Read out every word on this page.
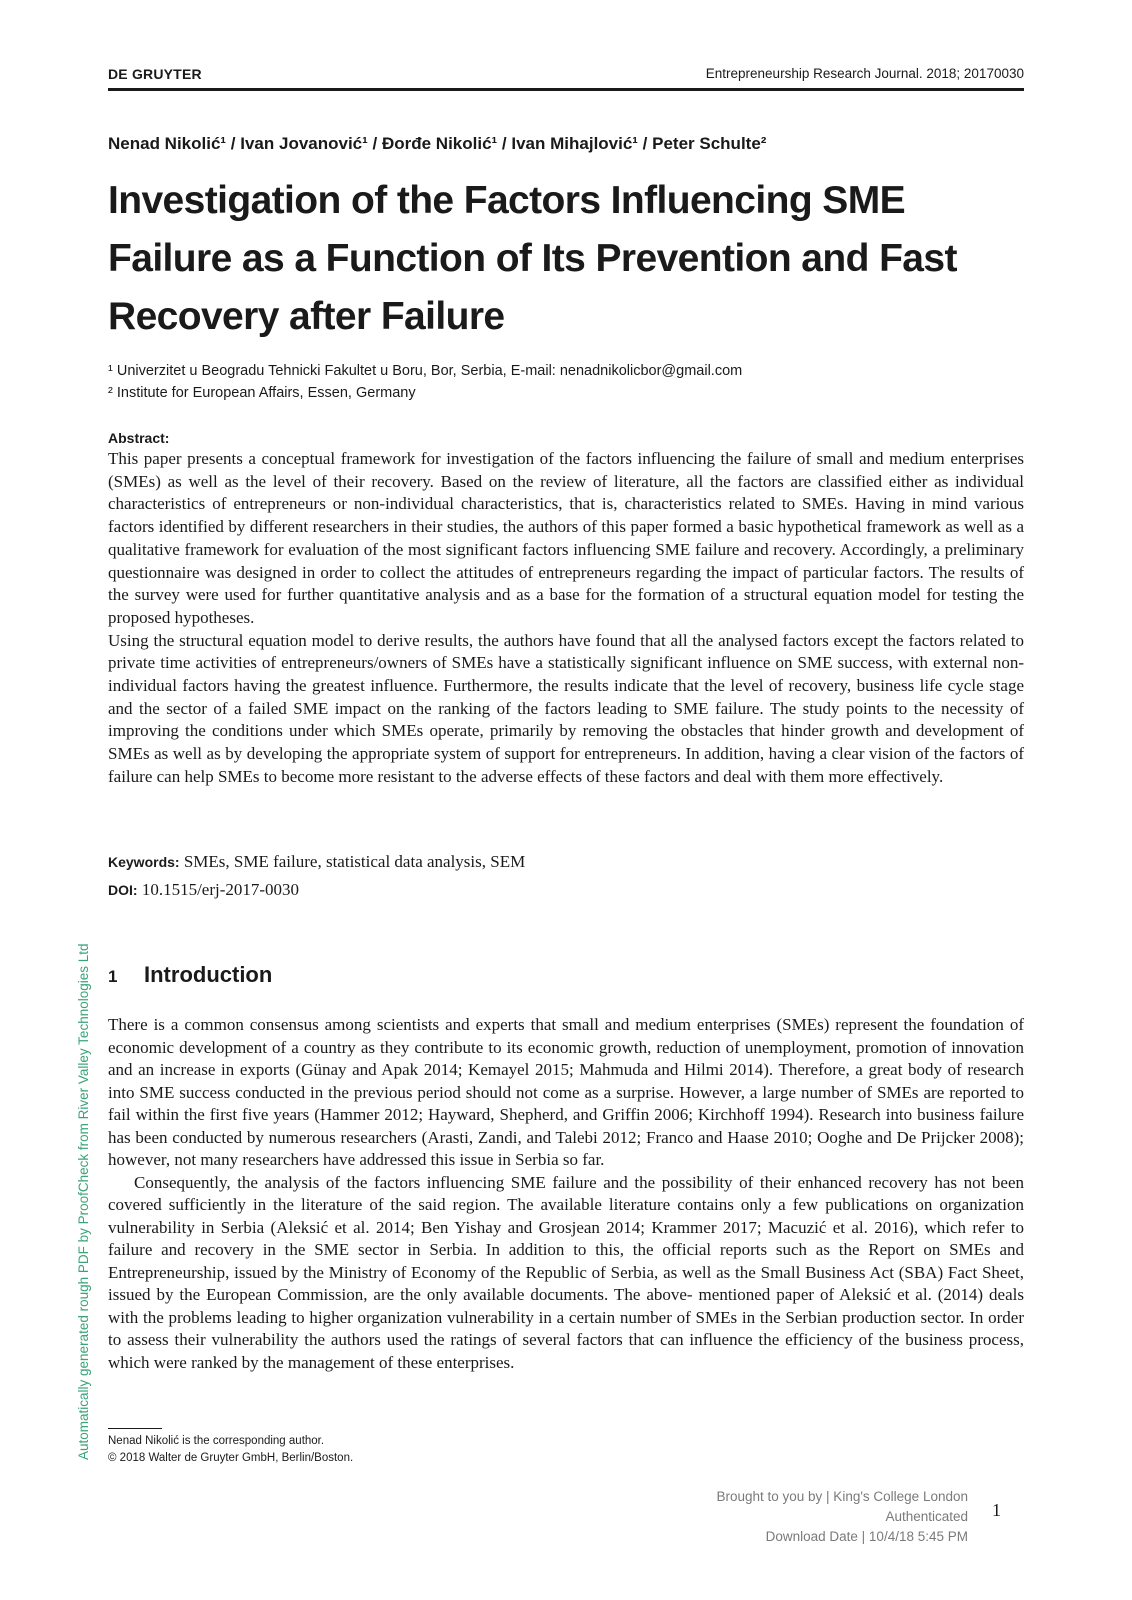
DE GRUYTER	Entrepreneurship Research Journal. 2018; 20170030
Nenad Nikolić¹ / Ivan Jovanović¹ / Đorđe Nikolić¹ / Ivan Mihajlović¹ / Peter Schulte²
Investigation of the Factors Influencing SME Failure as a Function of Its Prevention and Fast Recovery after Failure
¹ Univerzitet u Beogradu Tehnicki Fakultet u Boru, Bor, Serbia, E-mail: nenadnikolicbor@gmail.com
² Institute for European Affairs, Essen, Germany
Abstract:

This paper presents a conceptual framework for investigation of the factors influencing the failure of small and medium enterprises (SMEs) as well as the level of their recovery. Based on the review of literature, all the factors are classified either as individual characteristics of entrepreneurs or non-individual characteristics, that is, characteristics related to SMEs. Having in mind various factors identified by different researchers in their studies, the authors of this paper formed a basic hypothetical framework as well as a qualitative framework for evaluation of the most significant factors influencing SME failure and recovery. Accordingly, a preliminary questionnaire was designed in order to collect the attitudes of entrepreneurs regarding the impact of particular factors. The results of the survey were used for further quantitative analysis and as a base for the formation of a structural equation model for testing the proposed hypotheses.

Using the structural equation model to derive results, the authors have found that all the analysed factors except the factors related to private time activities of entrepreneurs/owners of SMEs have a statistically significant influence on SME success, with external non-individual factors having the greatest influence. Furthermore, the results indicate that the level of recovery, business life cycle stage and the sector of a failed SME impact on the ranking of the factors leading to SME failure. The study points to the necessity of improving the conditions under which SMEs operate, primarily by removing the obstacles that hinder growth and development of SMEs as well as by developing the appropriate system of support for entrepreneurs. In addition, having a clear vision of the factors of failure can help SMEs to become more resistant to the adverse effects of these factors and deal with them more effectively.

Keywords: SMEs, SME failure, statistical data analysis, SEM
DOI: 10.1515/erj-2017-0030
Automatically generated rough PDF by ProofCheck from River Valley Technologies Ltd 1 Introduction

There is a common consensus among scientists and experts that small and medium enterprises (SMEs) represent the foundation of economic development of a country as they contribute to its economic growth, reduction of unemployment, promotion of innovation and an increase in exports (Günay and Apak 2014; Kemayel 2015; Mahmuda and Hilmi 2014). Therefore, a great body of research into SME success conducted in the previous period should not come as a surprise. However, a large number of SMEs are reported to fail within the first five years (Hammer 2012; Hayward, Shepherd, and Griffin 2006; Kirchhoff 1994). Research into business failure has been conducted by numerous researchers (Arasti, Zandi, and Talebi 2012; Franco and Haase 2010; Ooghe and De Prijcker 2008); however, not many researchers have addressed this issue in Serbia so far.

Consequently, the analysis of the factors influencing SME failure and the possibility of their enhanced recovery has not been covered sufficiently in the literature of the said region. The available literature contains only a few publications on organization vulnerability in Serbia (Aleksić et al. 2014; Ben Yishay and Grosjean 2014; Krammer 2017; Macuzić et al. 2016), which refer to failure and recovery in the SME sector in Serbia. In addition to this, the official reports such as the Report on SMEs and Entrepreneurship, issued by the Ministry of Economy of the Republic of Serbia, as well as the Small Business Act (SBA) Fact Sheet, issued by the European Commission, are the only available documents. The above- mentioned paper of Aleksić et al. (2014) deals with the problems leading to higher organization vulnerability in a certain number of SMEs in the Serbian production sector. In order to assess their vulnerability the authors used the ratings of several factors that can influence the efficiency of the business process, which were ranked by the management of these enterprises.

Nenad Nikolić is the corresponding author.
© 2018 Walter de Gruyter GmbH, Berlin/Boston.
Brought to you by | King's College London
Authenticated
Download Date | 10/4/18 5:45 PM
1
